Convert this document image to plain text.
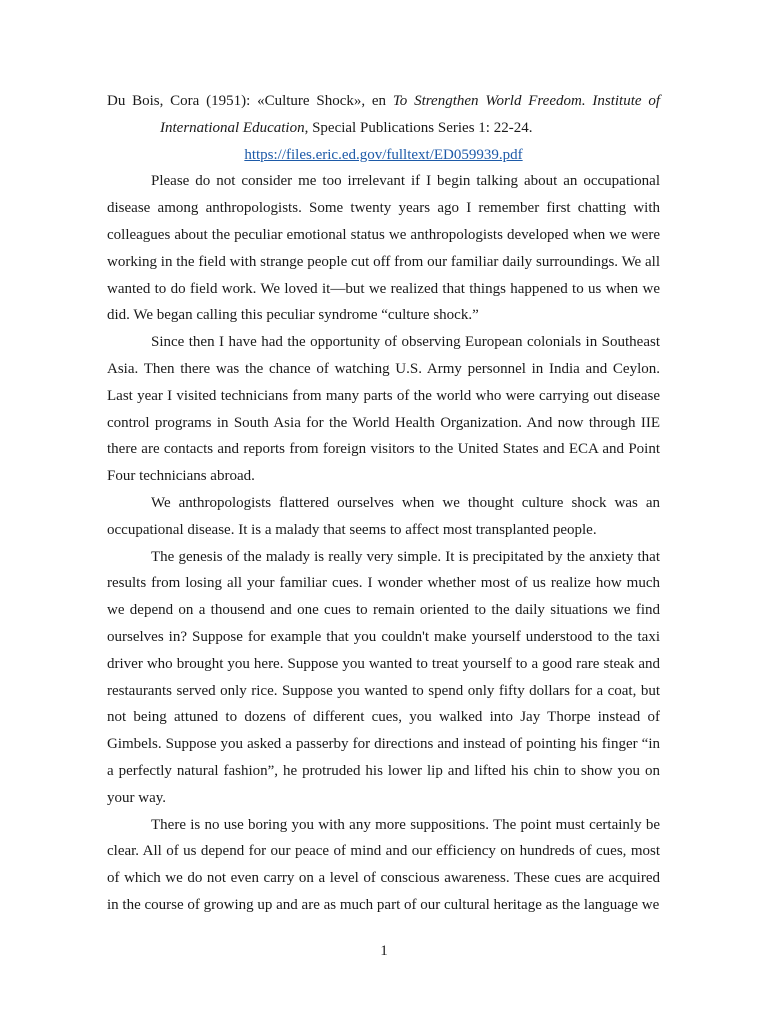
Du Bois, Cora (1951): «Culture Shock», en To Strengthen World Freedom. Institute of International Education, Special Publications Series 1: 22-24.

https://files.eric.ed.gov/fulltext/ED059939.pdf

Please do not consider me too irrelevant if I begin talking about an occupational disease among anthropologists. Some twenty years ago I remember first chatting with colleagues about the peculiar emotional status we anthropologists developed when we were working in the field with strange people cut off from our familiar daily surroundings. We all wanted to do field work. We loved it—but we realized that things happened to us when we did. We began calling this peculiar syndrome “culture shock.”

Since then I have had the opportunity of observing European colonials in Southeast Asia. Then there was the chance of watching U.S. Army personnel in India and Ceylon. Last year I visited technicians from many parts of the world who were carrying out disease control programs in South Asia for the World Health Organization. And now through IIE there are contacts and reports from foreign visitors to the United States and ECA and Point Four technicians abroad.

We anthropologists flattered ourselves when we thought culture shock was an occupational disease. It is a malady that seems to affect most transplanted people.

The genesis of the malady is really very simple. It is precipitated by the anxiety that results from losing all your familiar cues. I wonder whether most of us realize how much we depend on a thousend and one cues to remain oriented to the daily situations we find ourselves in? Suppose for example that you couldn't make yourself understood to the taxi driver who brought you here. Suppose you wanted to treat yourself to a good rare steak and restaurants served only rice. Suppose you wanted to spend only fifty dollars for a coat, but not being attuned to dozens of different cues, you walked into Jay Thorpe instead of Gimbels. Suppose you asked a passerby for directions and instead of pointing his finger “in a perfectly natural fashion”, he protruded his lower lip and lifted his chin to show you on your way.

There is no use boring you with any more suppositions. The point must certainly be clear. All of us depend for our peace of mind and our efficiency on hundreds of cues, most of which we do not even carry on a level of conscious awareness. These cues are acquired in the course of growing up and are as much part of our cultural heritage as the language we

1
